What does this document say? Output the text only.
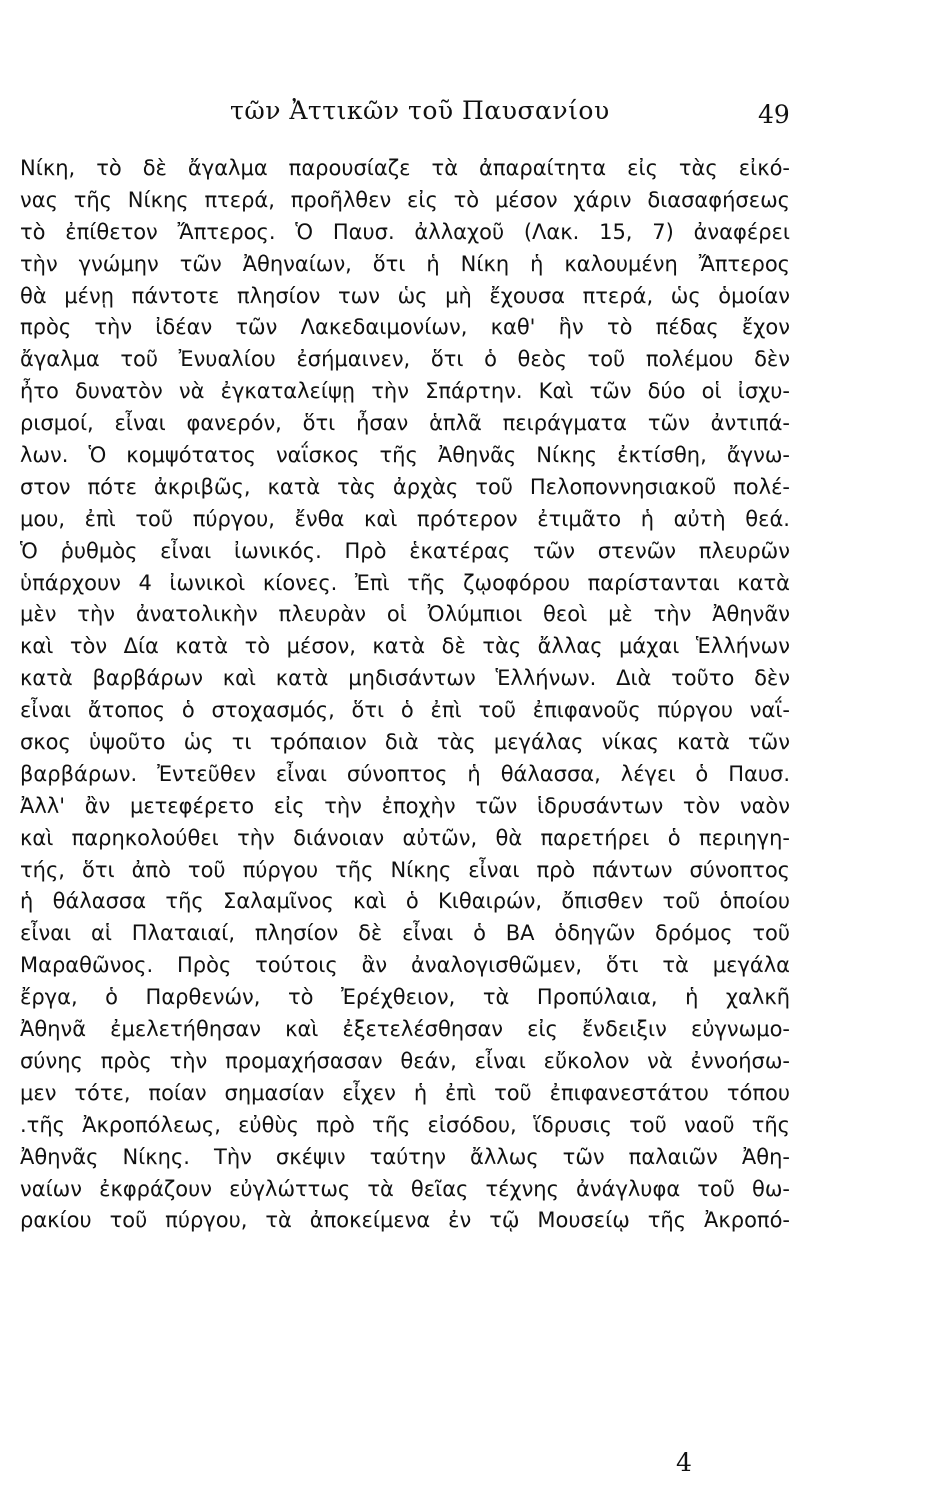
τῶν Ἀττικῶν τοῦ Παυσανίου	49
Νίκη, τὸ δὲ ἄγαλμα παρουσίαζε τὰ ἀπαραίτητα εἰς τὰς εἰκό-
νας τῆς Νίκης πτερά, προῆλθεν εἰς τὸ μέσον χάριν διασαφήσεως
τὸ ἐπίθετον Ἄπτερος. Ὁ Παυσ. ἀλλαχοῦ (Λακ. 15, 7) ἀναφέρει
τὴν γνώμην τῶν Ἀθηναίων, ὅτι ἡ Νίκη ἡ καλουμένη Ἄπτερος
θὰ μένῃ πάντοτε πλησίον των ὡς μὴ ἔχουσα πτερά, ὡς ὁμοίαν
πρὸς τὴν ἰδέαν τῶν Λακεδαιμονίων, καθ' ἣν τὸ πέδας ἔχον
ἄγαλμα τοῦ Ἐνυαλίου ἐσήμαινεν, ὅτι ὁ θεὸς τοῦ πολέμου δὲν
ἦτο δυνατὸν νὰ ἐγκαταλείψῃ τὴν Σπάρτην. Καὶ τῶν δύο οἱ ἰσχυ-
ρισμοί, εἶναι φανερόν, ὅτι ἦσαν ἁπλᾶ πειράγματα τῶν ἀντιπά-
λων. Ὁ κομψότατος ναΐσκος τῆς Ἀθηνᾶς Νίκης ἐκτίσθη, ἄγνω-
στον πότε ἀκριβῶς, κατὰ τὰς ἀρχὰς τοῦ Πελοποννησιακοῦ πολέ-
μου, ἐπὶ τοῦ πύργου, ἔνθα καὶ πρότερον ἐτιμᾶτο ἡ αὐτὴ θεά.
Ὁ ῥυθμὸς εἶναι ἰωνικός. Πρὸ ἑκατέρας τῶν στενῶν πλευρῶν
ὑπάρχουν 4 ἰωνικοὶ κίονες. Ἐπὶ τῆς ζῳοφόρου παρίστανται κατὰ
μὲν τὴν ἀνατολικὴν πλευρὰν οἱ Ὀλύμπιοι θεοὶ μὲ τὴν Ἀθηνᾶν
καὶ τὸν Δία κατὰ τὸ μέσον, κατὰ δὲ τὰς ἄλλας μάχαι Ἑλλήνων
κατὰ βαρβάρων καὶ κατὰ μηδισάντων Ἑλλήνων. Διὰ τοῦτο δὲν
εἶναι ἄτοπος ὁ στοχασμός, ὅτι ὁ ἐπὶ τοῦ ἐπιφανοῦς πύργου ναΐ-
σκος ὑψοῦτο ὡς τι τρόπαιον διὰ τὰς μεγάλας νίκας κατὰ τῶν
βαρβάρων. Ἐντεῦθεν εἶναι σύνοπτος ἡ θάλασσα, λέγει ὁ Παυσ.
Ἀλλ' ἂν μετεφέρετο εἰς τὴν ἐποχὴν τῶν ἱδρυσάντων τὸν ναὸν
καὶ παρηκολούθει τὴν διάνοιαν αὐτῶν, θὰ παρετήρει ὁ περιηγη-
τής, ὅτι ἀπὸ τοῦ πύργου τῆς Νίκης εἶναι πρὸ πάντων σύνοπτος
ἡ θάλασσα τῆς Σαλαμῖνος καὶ ὁ Κιθαιρών, ὄπισθεν τοῦ ὁποίου
εἶναι αἱ Πλαταιαί, πλησίον δὲ εἶναι ὁ ΒΑ ὁδηγῶν δρόμος τοῦ
Μαραθῶνος. Πρὸς τούτοις ἂν ἀναλογισθῶμεν, ὅτι τὰ μεγάλα
ἔργα, ὁ Παρθενών, τὸ Ἐρέχθειον, τὰ Προπύλαια, ἡ χαλκῆ
Ἀθηνᾶ ἐμελετήθησαν καὶ ἐξετελέσθησαν εἰς ἔνδειξιν εὐγνωμο-
σύνης πρὸς τὴν προμαχήσασαν θεάν, εἶναι εὔκολον νὰ ἐννοήσω-
μεν τότε, ποίαν σημασίαν εἶχεν ἡ ἐπὶ τοῦ ἐπιφανεστάτου τόπου
.τῆς Ἀκροπόλεως, εὐθὺς πρὸ τῆς εἰσόδου, ἵδρυσις τοῦ ναοῦ τῆς
Ἀθηνᾶς Νίκης. Τὴν σκέψιν ταύτην ἄλλως τῶν παλαιῶν Ἀθη-
ναίων ἐκφράζουν εὐγλώττως τὰ θεῖας τέχνης ἀνάγλυφα τοῦ θω-
ρακίου τοῦ πύργου, τὰ ἀποκείμενα ἐν τῷ Μουσείῳ τῆς Ἀκροπό-
4
